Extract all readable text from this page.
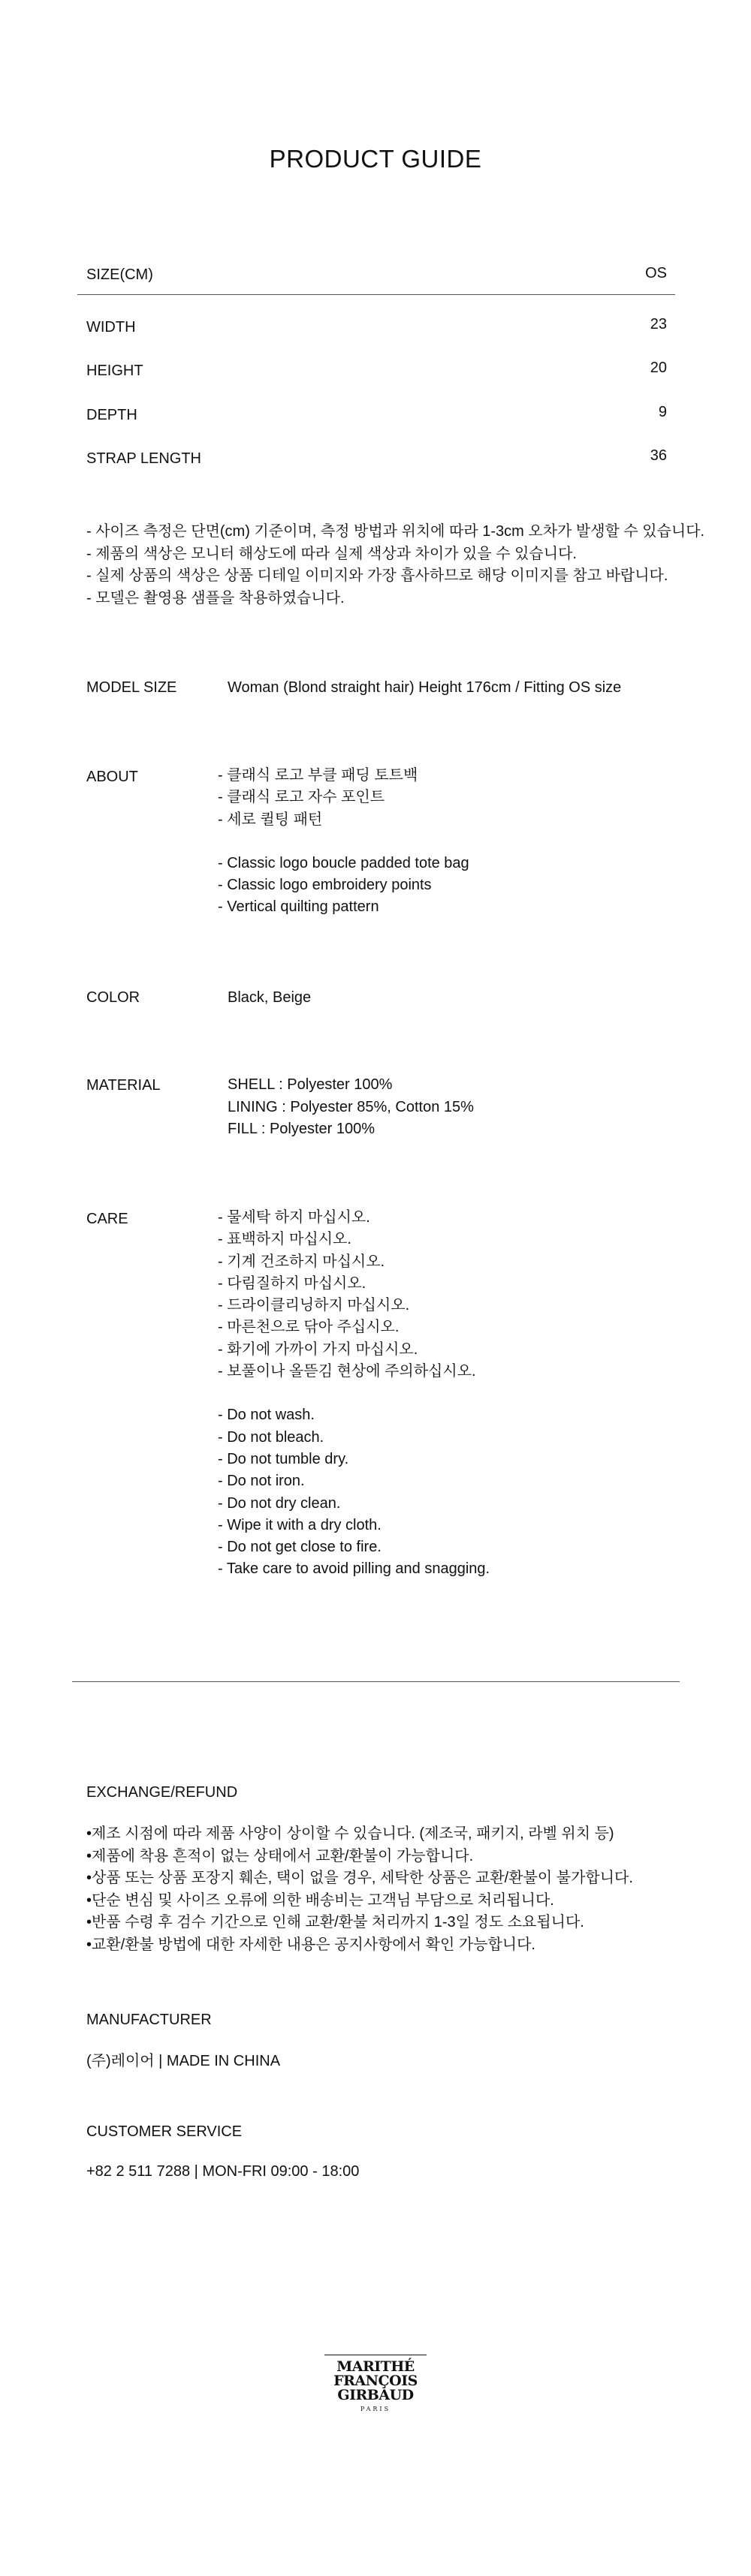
PRODUCT GUIDE
SIZE(CM)	OS
WIDTH	23
HEIGHT	20
DEPTH	9
STRAP LENGTH	36
- 사이즈 측정은 단면(cm) 기준이며, 측정 방법과 위치에 따라 1-3cm 오차가 발생할 수 있습니다.
- 제품의 색상은 모니터 해상도에 따라 실제 색상과 차이가 있을 수 있습니다.
- 실제 상품의 색상은 상품 디테일 이미지와 가장 흡사하므로 해당 이미지를 참고 바랍니다.
- 모델은 촬영용 샘플을 착용하였습니다.
MODEL SIZE	Woman (Blond straight hair) Height 176cm / Fitting OS size
ABOUT	- 클래식 로고 부클 패딩 토트백
- 클래식 로고 자수 포인트
- 세로 퀼팅 패턴
- Classic logo boucle padded tote bag
- Classic logo embroidery points
- Vertical quilting pattern
COLOR	Black, Beige
MATERIAL	SHELL : Polyester 100%
LINING : Polyester 85%, Cotton 15%
FILL : Polyester 100%
CARE	- 물세탁 하지 마십시오.
- 표백하지 마십시오.
- 기계 건조하지 마십시오.
- 다림질하지 마십시오.
- 드라이클리닝하지 마십시오.
- 마른천으로 닦아 주십시오.
- 화기에 가까이 가지 마십시오.
- 보풀이나 올뜯김 현상에 주의하십시오.
- Do not wash.
- Do not bleach.
- Do not tumble dry.
- Do not iron.
- Do not dry clean.
- Wipe it with a dry cloth.
- Do not get close to fire.
- Take care to avoid pilling and snagging.
EXCHANGE/REFUND
•제조 시점에 따라 제품 사양이 상이할 수 있습니다. (제조국, 패키지, 라벨 위치 등)
•제품에 착용 흔적이 없는 상태에서 교환/환불이 가능합니다.
•상품 또는 상품 포장지 훼손, 택이 없을 경우, 세탁한 상품은 교환/환불이 불가합니다.
•단순 변심 및 사이즈 오류에 의한 배송비는 고객님 부담으로 처리됩니다.
•반품 수령 후 검수 기간으로 인해 교환/환불 처리까지 1-3일 정도 소요됩니다.
•교환/환불 방법에 대한 자세한 내용은 공지사항에서 확인 가능합니다.
MANUFACTURER
(주)레이어 | MADE IN CHINA
CUSTOMER SERVICE
+82 2 511 7288 | MON-FRI 09:00 - 18:00
MARITHÉ
FRANÇOIS
GIRBAUD
PARIS
